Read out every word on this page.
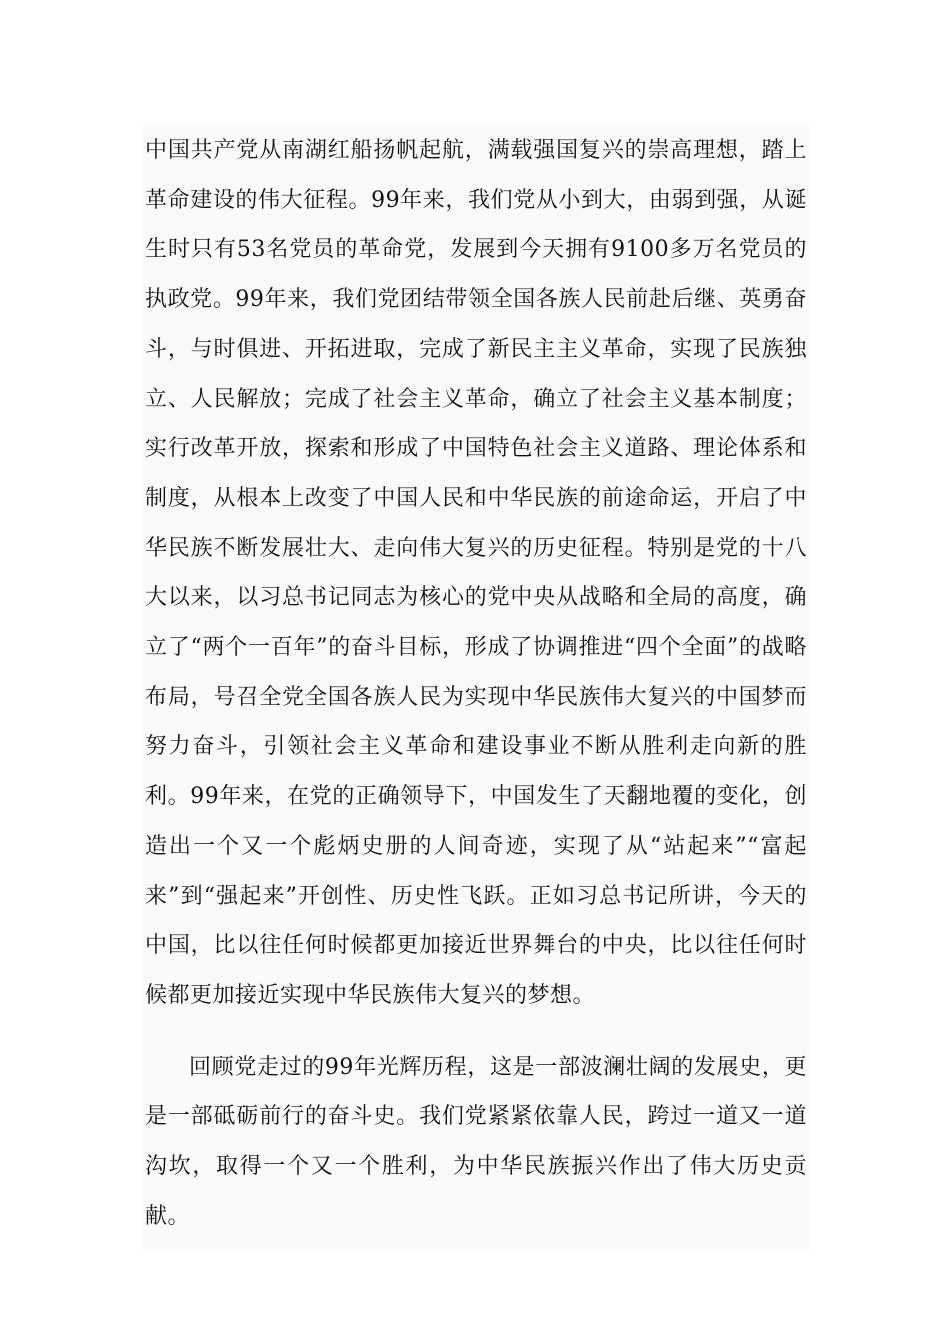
中国共产党从南湖红船扬帆起航，满载强国复兴的崇高理想，踏上革命建设的伟大征程。99年来，我们党从小到大，由弱到强，从诞生时只有53名党员的革命党，发展到今天拥有9100多万名党员的执政党。99年来，我们党团结带领全国各族人民前赴后继、英勇奋斗，与时俱进、开拓进取，完成了新民主主义革命，实现了民族独立、人民解放；完成了社会主义革命，确立了社会主义基本制度；实行改革开放，探索和形成了中国特色社会主义道路、理论体系和制度，从根本上改变了中国人民和中华民族的前途命运，开启了中华民族不断发展壮大、走向伟大复兴的历史征程。特别是党的十八大以来，以习总书记同志为核心的党中央从战略和全局的高度，确立了“两个一百年”的奋斗目标，形成了协调推进“四个全面”的战略布局，号召全党全国各族人民为实现中华民族伟大复兴的中国梦而努力奋斗，引领社会主义革命和建设事业不断从胜利走向新的胜利。99年来，在党的正确领导下，中国发生了天翻地覆的变化，创造出一个又一个彪炳史册的人间奇迹，实现了从“站起来”“富起来”到“强起来”开创性、历史性飞跃。正如习总书记所讲，今天的中国，比以往任何时候都更加接近世界舞台的中央，比以往任何时候都更加接近实现中华民族伟大复兴的梦想。

回顾党走过的99年光辉历程，这是一部波澜壮阔的发展史，更是一部砥砺前行的奋斗史。我们党紧紧依靠人民，跨过一道又一道沟坎，取得一个又一个胜利，为中华民族振兴作出了伟大历史贡献。
